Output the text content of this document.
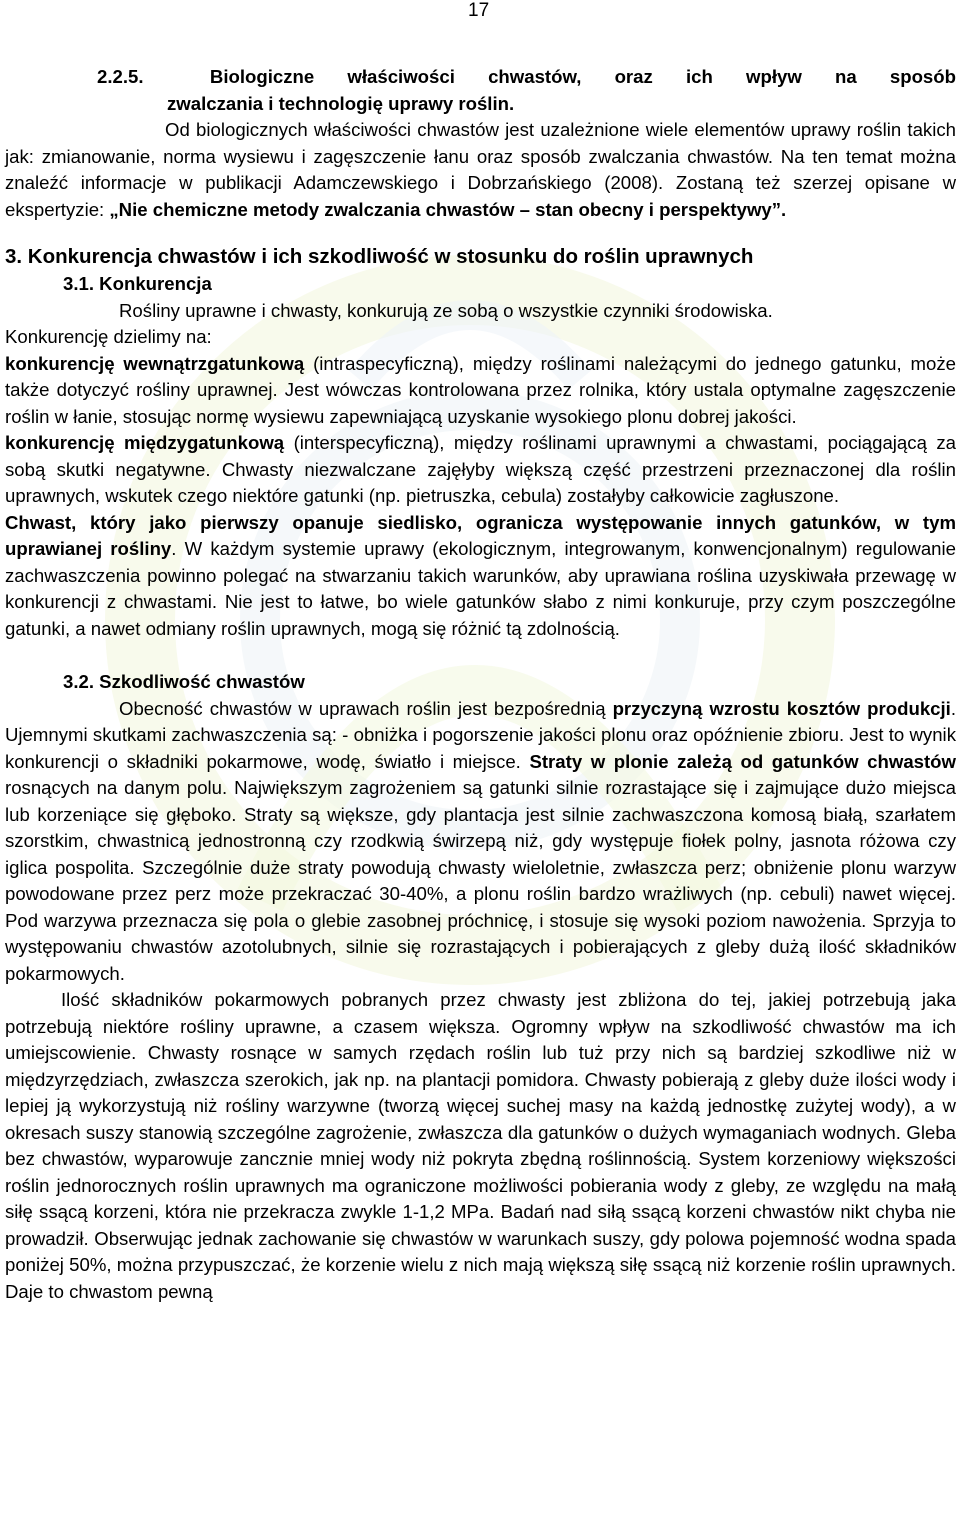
17

2.2.5.	Biologiczne właściwości chwastów, oraz ich wpływ na sposób

zwalczania i technologię uprawy roślin.

Od biologicznych właściwości chwastów jest uzależnione wiele elementów uprawy roślin takich jak: zmianowanie, norma wysiewu i zagęszczenie łanu oraz sposób zwalczania chwastów. Na ten temat można znaleźć informacje w publikacji Adamczewskiego i Dobrzańskiego (2008). Zostaną też szerzej opisane w ekspertyzie: „Nie chemiczne metody zwalczania chwastów – stan obecny i perspektywy”.

3. Konkurencja chwastów i ich szkodliwość w stosunku do roślin uprawnych

3.1. Konkurencja

Rośliny uprawne i chwasty, konkurują ze sobą o wszystkie czynniki środowiska.

Konkurencję dzielimy na:

konkurencję wewnątrzgatunkową (intraspecyficzną), między roślinami należącymi do jednego gatunku, może także dotyczyć rośliny uprawnej. Jest wówczas kontrolowana przez rolnika, który ustala optymalne zagęszczenie roślin w łanie, stosując normę wysiewu zapewniającą uzyskanie wysokiego plonu dobrej jakości.

konkurencję międzygatunkową (interspecyficzną), między roślinami uprawnymi a chwastami, pociągającą za sobą skutki negatywne. Chwasty niezwalczane zajęłyby większą część przestrzeni przeznaczonej dla roślin uprawnych, wskutek czego niektóre gatunki (np. pietruszka, cebula) zostałyby całkowicie zagłuszone.

Chwast, który jako pierwszy opanuje siedlisko, ogranicza występowanie innych gatunków, w tym uprawianej rośliny. W każdym systemie uprawy (ekologicznym, integrowanym, konwencjonalnym) regulowanie zachwaszczenia powinno polegać na stwarzaniu takich warunków, aby uprawiana roślina uzyskiwała przewagę w konkurencji z chwastami. Nie jest to łatwe, bo wiele gatunków słabo z nimi konkuruje, przy czym poszczególne gatunki, a nawet odmiany roślin uprawnych, mogą się różnić tą zdolnością.

3.2. Szkodliwość chwastów

Obecność chwastów w uprawach roślin jest bezpośrednią przyczyną wzrostu kosztów produkcji. Ujemnymi skutkami zachwaszczenia są: - obniżka i pogorszenie jakości plonu oraz opóźnienie zbioru. Jest to wynik konkurencji o składniki pokarmowe, wodę, światło i miejsce. Straty w plonie zależą od gatunków chwastów rosnących na danym polu. Największym zagrożeniem są gatunki silnie rozrastające się i zajmujące dużo miejsca lub korzeniące się głęboko. Straty są większe, gdy plantacja jest silnie zachwaszczona komosą białą, szarłatem szorstkim, chwastnicą jednostronną czy rzodkwią świrzepą niż, gdy występuje fiołek polny, jasnota różowa czy iglica pospolita. Szczególnie duże straty powodują chwasty wieloletnie, zwłaszcza perz; obniżenie plonu warzyw powodowane przez perz może przekraczać 30-40%, a plonu roślin bardzo wrażliwych (np. cebuli) nawet więcej. Pod warzywa przeznacza się pola o glebie zasobnej próchnicę, i stosuje się wysoki poziom nawożenia. Sprzyja to występowaniu chwastów azotolubnych, silnie się rozrastających i pobierających z gleby dużą ilość składników pokarmowych.

Ilość składników pokarmowych pobranych przez chwasty jest zbliżona do tej, jakiej potrzebują jaka potrzebują niektóre rośliny uprawne, a czasem większa. Ogromny wpływ na szkodliwość chwastów ma ich umiejscowienie. Chwasty rosnące w samych rzędach roślin lub tuż przy nich są bardziej szkodliwe niż w międzyrzędziach, zwłaszcza szerokich, jak np. na plantacji pomidora. Chwasty pobierają z gleby duże ilości wody i lepiej ją wykorzystują niż rośliny warzywne (tworzą więcej suchej masy na każdą jednostkę zużytej wody), a w okresach suszy stanowią szczególne zagrożenie, zwłaszcza dla gatunków o dużych wymaganiach wodnych. Gleba bez chwastów, wyparowuje zancznie mniej wody niż pokryta zbędną roślinnością. System korzeniowy większości roślin jednorocznych roślin uprawnych ma ograniczone możliwości pobierania wody z gleby, ze względu na małą siłę ssącą korzeni, która nie przekracza zwykle 1-1,2 MPa. Badań nad siłą ssącą korzeni chwastów nikt chyba nie prowadził. Obserwując jednak zachowanie się chwastów w warunkach suszy, gdy polowa pojemność wodna spada poniżej 50%, można przypuszczać, że korzenie wielu z nich mają większą siłę ssącą niż korzenie roślin uprawnych. Daje to chwastom pewną
